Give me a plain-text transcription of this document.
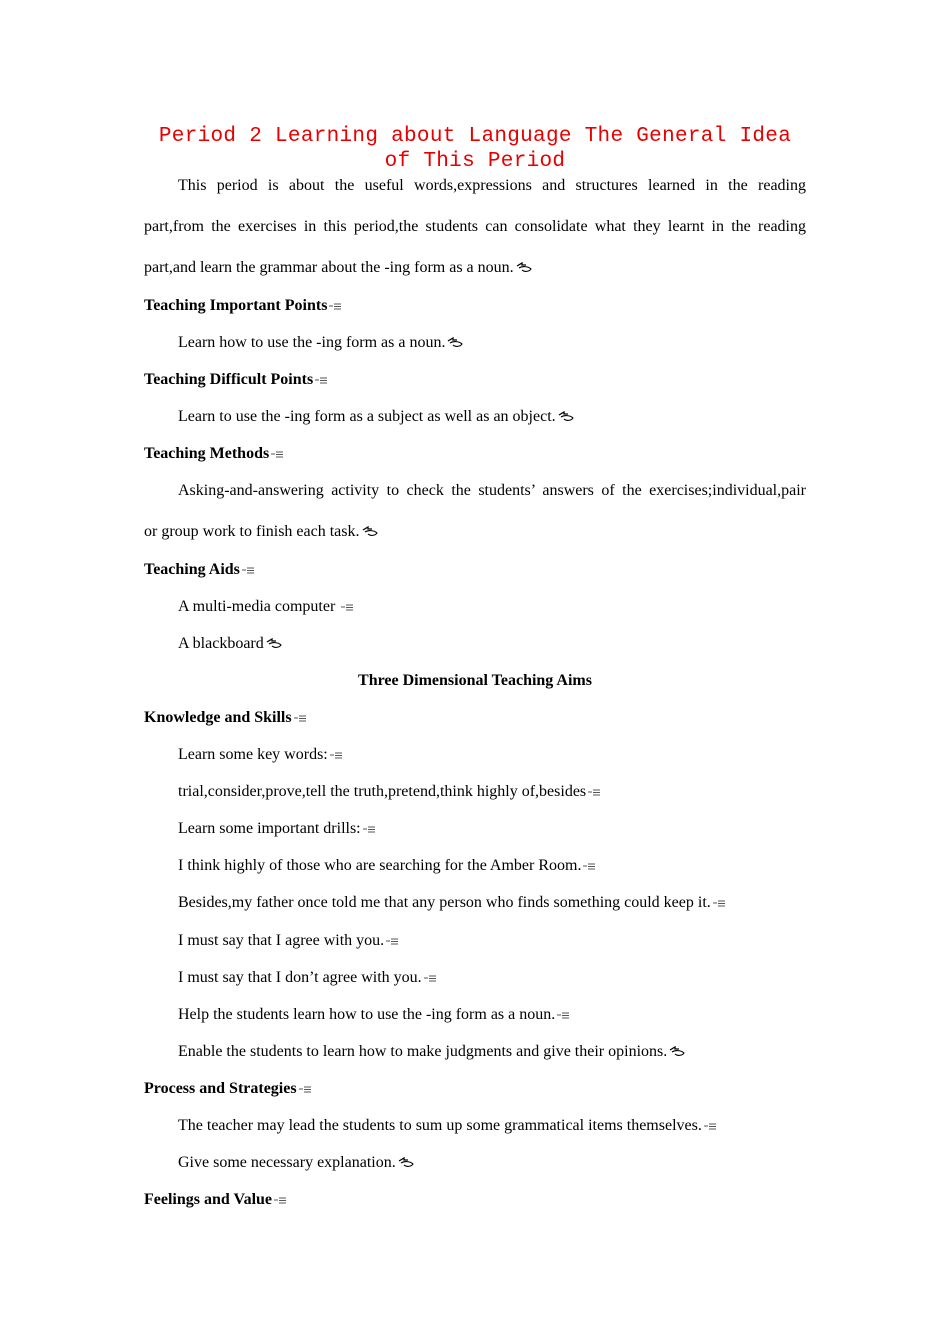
Period 2 Learning about Language The General Idea of This Period
This period is about the useful words,expressions and structures learned in the reading
part,from the exercises in this period,the students can consolidate what they learnt in the reading
part,and learn the grammar about the -ing form as a noun.
Teaching Important Points
Learn how to use the -ing form as a noun.
Teaching Difficult Points
Learn to use the -ing form as a subject as well as an object.
Teaching Methods
Asking-and-answering activity to check the students’ answers of the exercises;individual,pair
or group work to finish each task.
Teaching Aids
A multi-media computer
A blackboard
Three Dimensional Teaching Aims
Knowledge and Skills
Learn some key words:
trial,consider,prove,tell the truth,pretend,think highly of,besides
Learn some important drills:
I think highly of those who are searching for the Amber Room.
Besides,my father once told me that any person who finds something could keep it.
I must say that I agree with you.
I must say that I don’t agree with you.
Help the students learn how to use the -ing form as a noun.
Enable the students to learn how to make judgments and give their opinions.
Process and Strategies
The teacher may lead the students to sum up some grammatical items themselves.
Give some necessary explanation.
Feelings and Value
